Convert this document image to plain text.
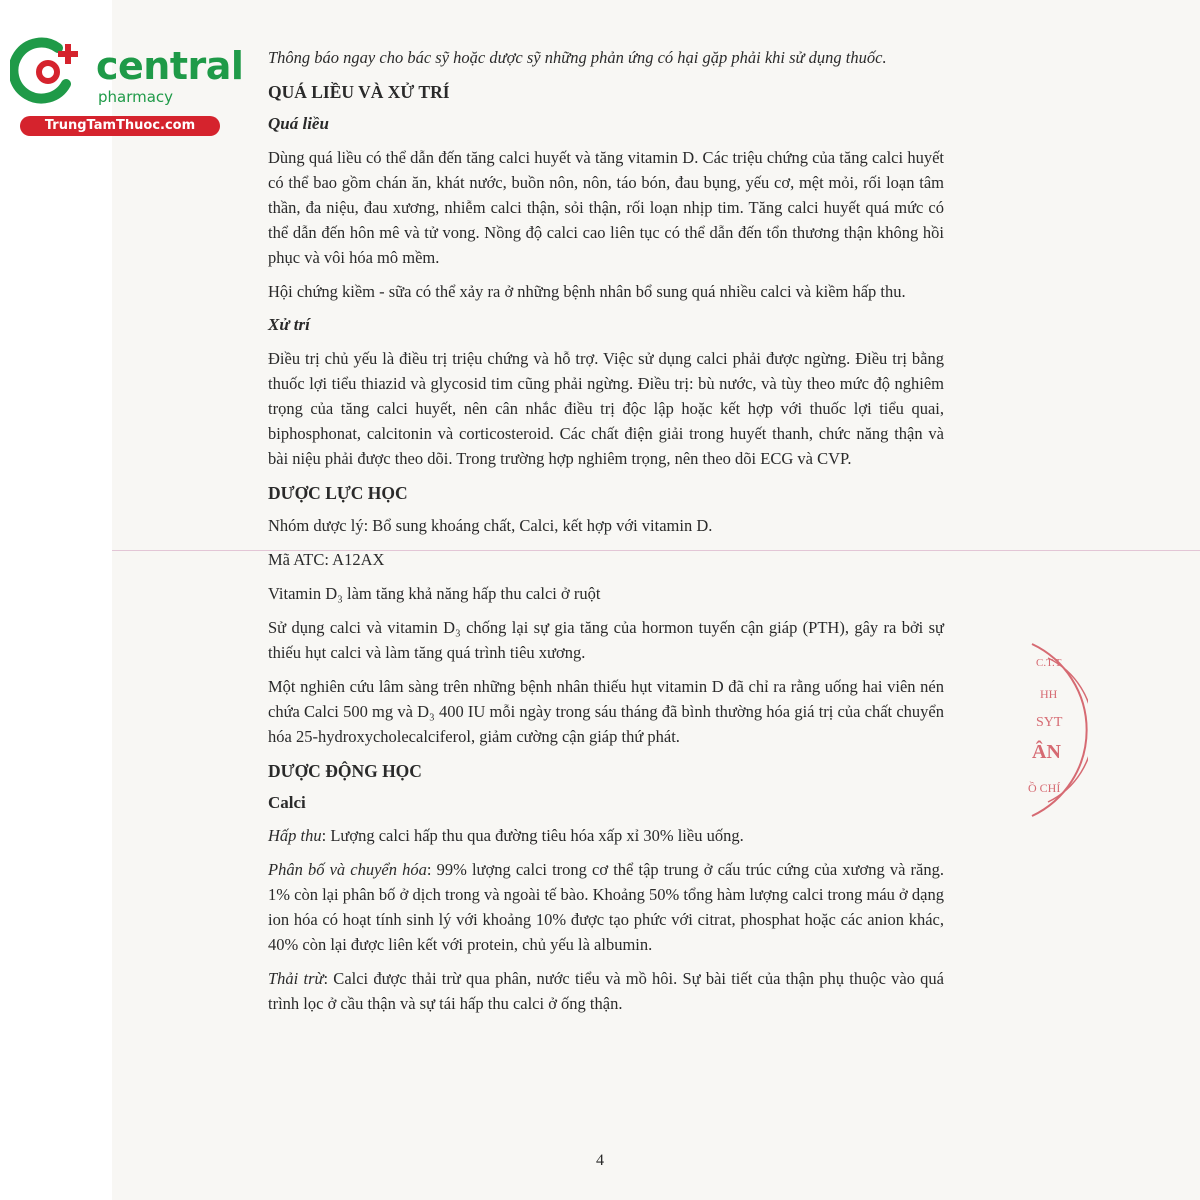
central
pharmacy
TrungTamThuoc.com

Thông báo ngay cho bác sỹ hoặc dược sỹ những phản ứng có hại gặp phải khi sử dụng thuốc.

QUÁ LIỀU VÀ XỬ TRÍ
Quá liều

Dùng quá liều có thể dẫn đến tăng calci huyết và tăng vitamin D. Các triệu chứng của tăng calci huyết có thể bao gồm chán ăn, khát nước, buồn nôn, nôn, táo bón, đau bụng, yếu cơ, mệt mỏi, rối loạn tâm thần, đa niệu, đau xương, nhiễm calci thận, sỏi thận, rối loạn nhịp tim. Tăng calci huyết quá mức có thể dẫn đến hôn mê và tử vong. Nồng độ calci cao liên tục có thể dẫn đến tổn thương thận không hồi phục và vôi hóa mô mềm.

Hội chứng kiềm - sữa có thể xảy ra ở những bệnh nhân bổ sung quá nhiều calci và kiềm hấp thu.

Xử trí

Điều trị chủ yếu là điều trị triệu chứng và hỗ trợ. Việc sử dụng calci phải được ngừng. Điều trị bằng thuốc lợi tiểu thiazid và glycosid tim cũng phải ngừng. Điều trị: bù nước, và tùy theo mức độ nghiêm trọng của tăng calci huyết, nên cân nhắc điều trị độc lập hoặc kết hợp với thuốc lợi tiểu quai, biphosphonat, calcitonin và corticosteroid. Các chất điện giải trong huyết thanh, chức năng thận và bài niệu phải được theo dõi. Trong trường hợp nghiêm trọng, nên theo dõi ECG và CVP.

DƯỢC LỰC HỌC

Nhóm dược lý: Bổ sung khoáng chất, Calci, kết hợp với vitamin D.

Mã ATC: A12AX

Vitamin D₃ làm tăng khả năng hấp thu calci ở ruột

Sử dụng calci và vitamin D₃ chống lại sự gia tăng của hormon tuyến cận giáp (PTH), gây ra bởi sự thiếu hụt calci và làm tăng quá trình tiêu xương.

Một nghiên cứu lâm sàng trên những bệnh nhân thiếu hụt vitamin D đã chỉ ra rằng uống hai viên nén chứa Calci 500 mg và D₃ 400 IU mỗi ngày trong sáu tháng đã bình thường hóa giá trị của chất chuyển hóa 25-hydroxycholecalciferol, giảm cường cận giáp thứ phát.

DƯỢC ĐỘNG HỌC
Calci

Hấp thu: Lượng calci hấp thu qua đường tiêu hóa xấp xỉ 30% liều uống.

Phân bố và chuyển hóa: 99% lượng calci trong cơ thể tập trung ở cấu trúc cứng của xương và răng. 1% còn lại phân bố ở dịch trong và ngoài tế bào. Khoảng 50% tổng hàm lượng calci trong máu ở dạng ion hóa có hoạt tính sinh lý với khoảng 10% được tạo phức với citrat, phosphat hoặc các anion khác, 40% còn lại được liên kết với protein, chủ yếu là albumin.

Thải trừ: Calci được thải trừ qua phân, nước tiểu và mồ hôi. Sự bài tiết của thận phụ thuộc vào quá trình lọc ở cầu thận và sự tái hấp thu calci ở ống thận.

C.T.T
HH
SYT
ÂN
Ồ CHÍ
4
